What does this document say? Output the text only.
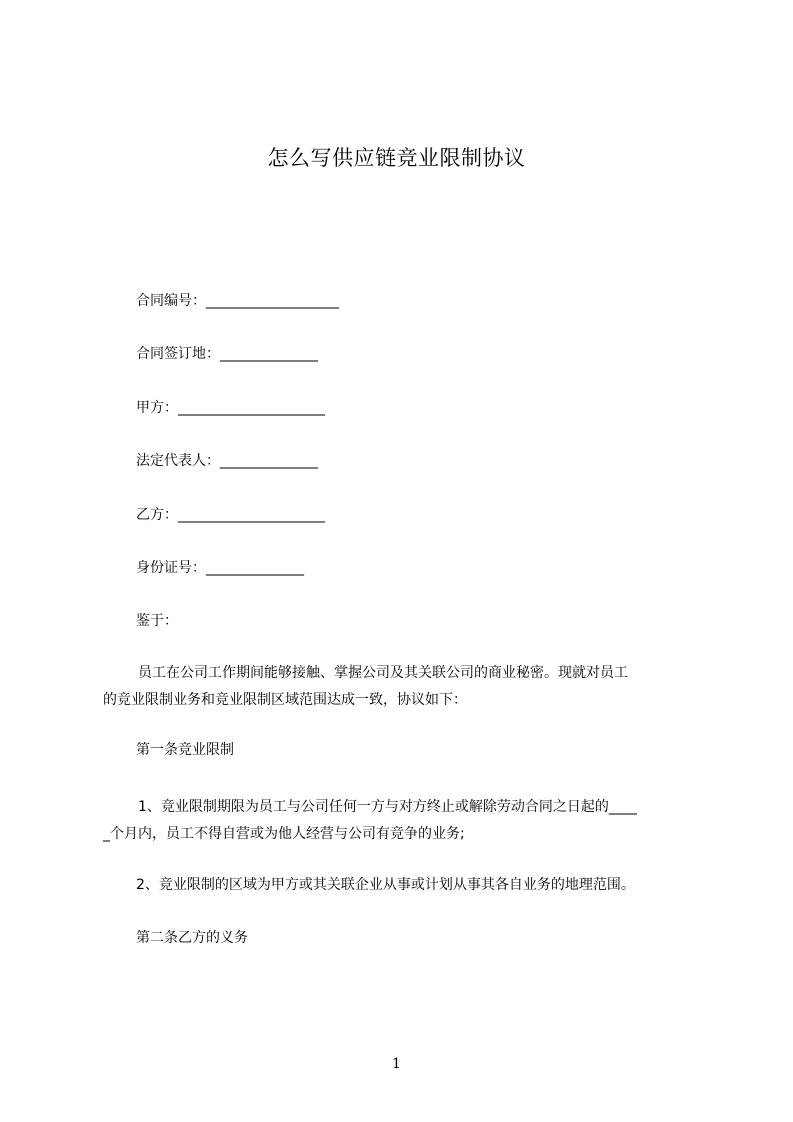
怎么写供应链竞业限制协议
合同编号：___________________
合同签订地：______________
甲方：_____________________
法定代表人：______________
乙方：_____________________
身份证号：______________
鉴于：
员工在公司工作期间能够接触、掌握公司及其关联公司的商业秘密。现就对员工
的竞业限制业务和竞业限制区域范围达成一致，协议如下：
第一条竞业限制
1、竞业限制期限为员工与公司任何一方与对方终止或解除劳动合同之日起的____
_个月内，员工不得自营或为他人经营与公司有竞争的业务;
2、竞业限制的区域为甲方或其关联企业从事或计划从事其各自业务的地理范围。
第二条乙方的义务
1
